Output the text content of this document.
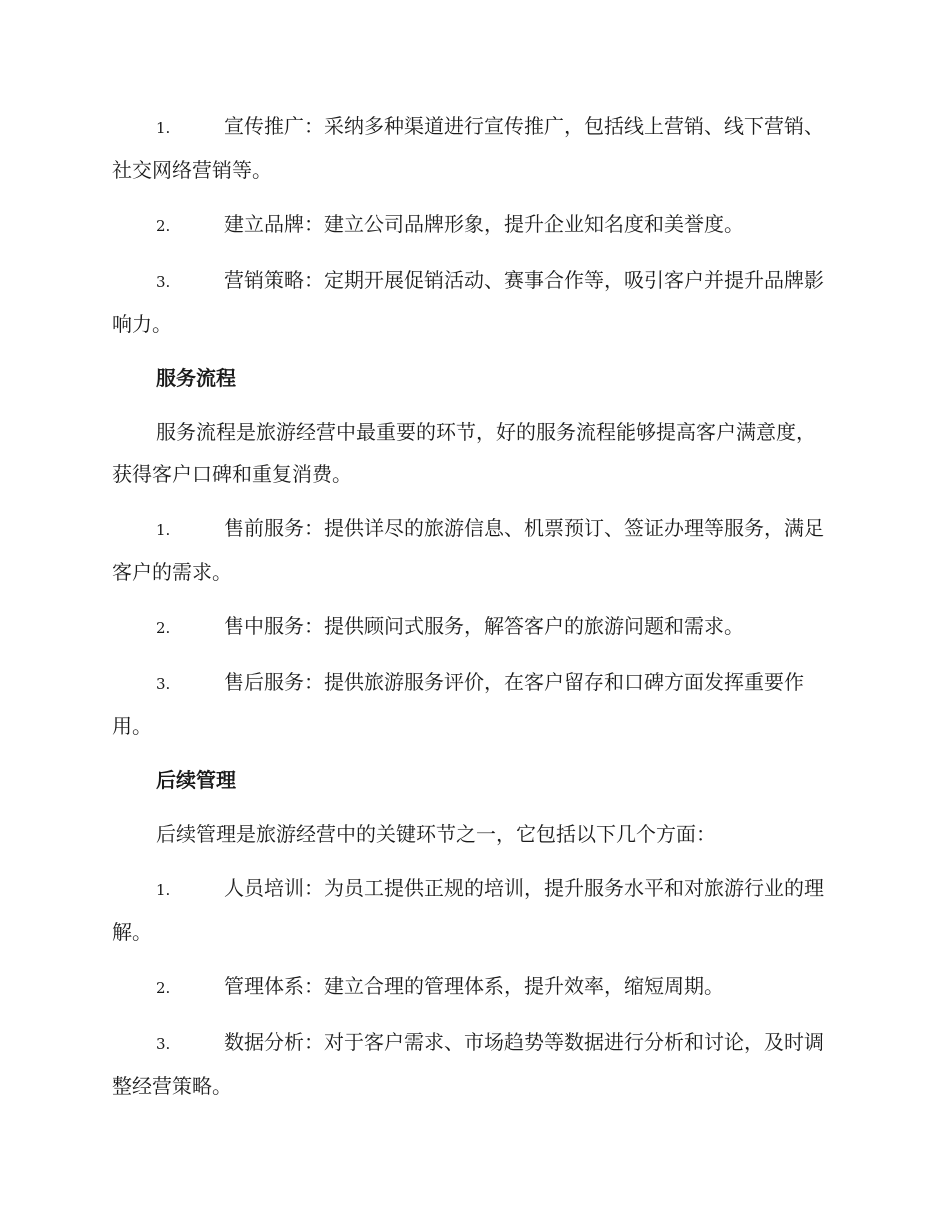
1.	宣传推广：采纳多种渠道进行宣传推广，包括线上营销、线下营销、社交网络营销等。

2.	建立品牌：建立公司品牌形象，提升企业知名度和美誉度。

3.	营销策略：定期开展促销活动、赛事合作等，吸引客户并提升品牌影响力。

服务流程

服务流程是旅游经营中最重要的环节，好的服务流程能够提高客户满意度，获得客户口碑和重复消费。

1.	售前服务：提供详尽的旅游信息、机票预订、签证办理等服务，满足客户的需求。

2.	售中服务：提供顾问式服务，解答客户的旅游问题和需求。

3.	售后服务：提供旅游服务评价，在客户留存和口碑方面发挥重要作用。

后续管理

后续管理是旅游经营中的关键环节之一，它包括以下几个方面：

1.	人员培训：为员工提供正规的培训，提升服务水平和对旅游行业的理解。

2.	管理体系：建立合理的管理体系，提升效率，缩短周期。

3.	数据分析：对于客户需求、市场趋势等数据进行分析和讨论，及时调整经营策略。
